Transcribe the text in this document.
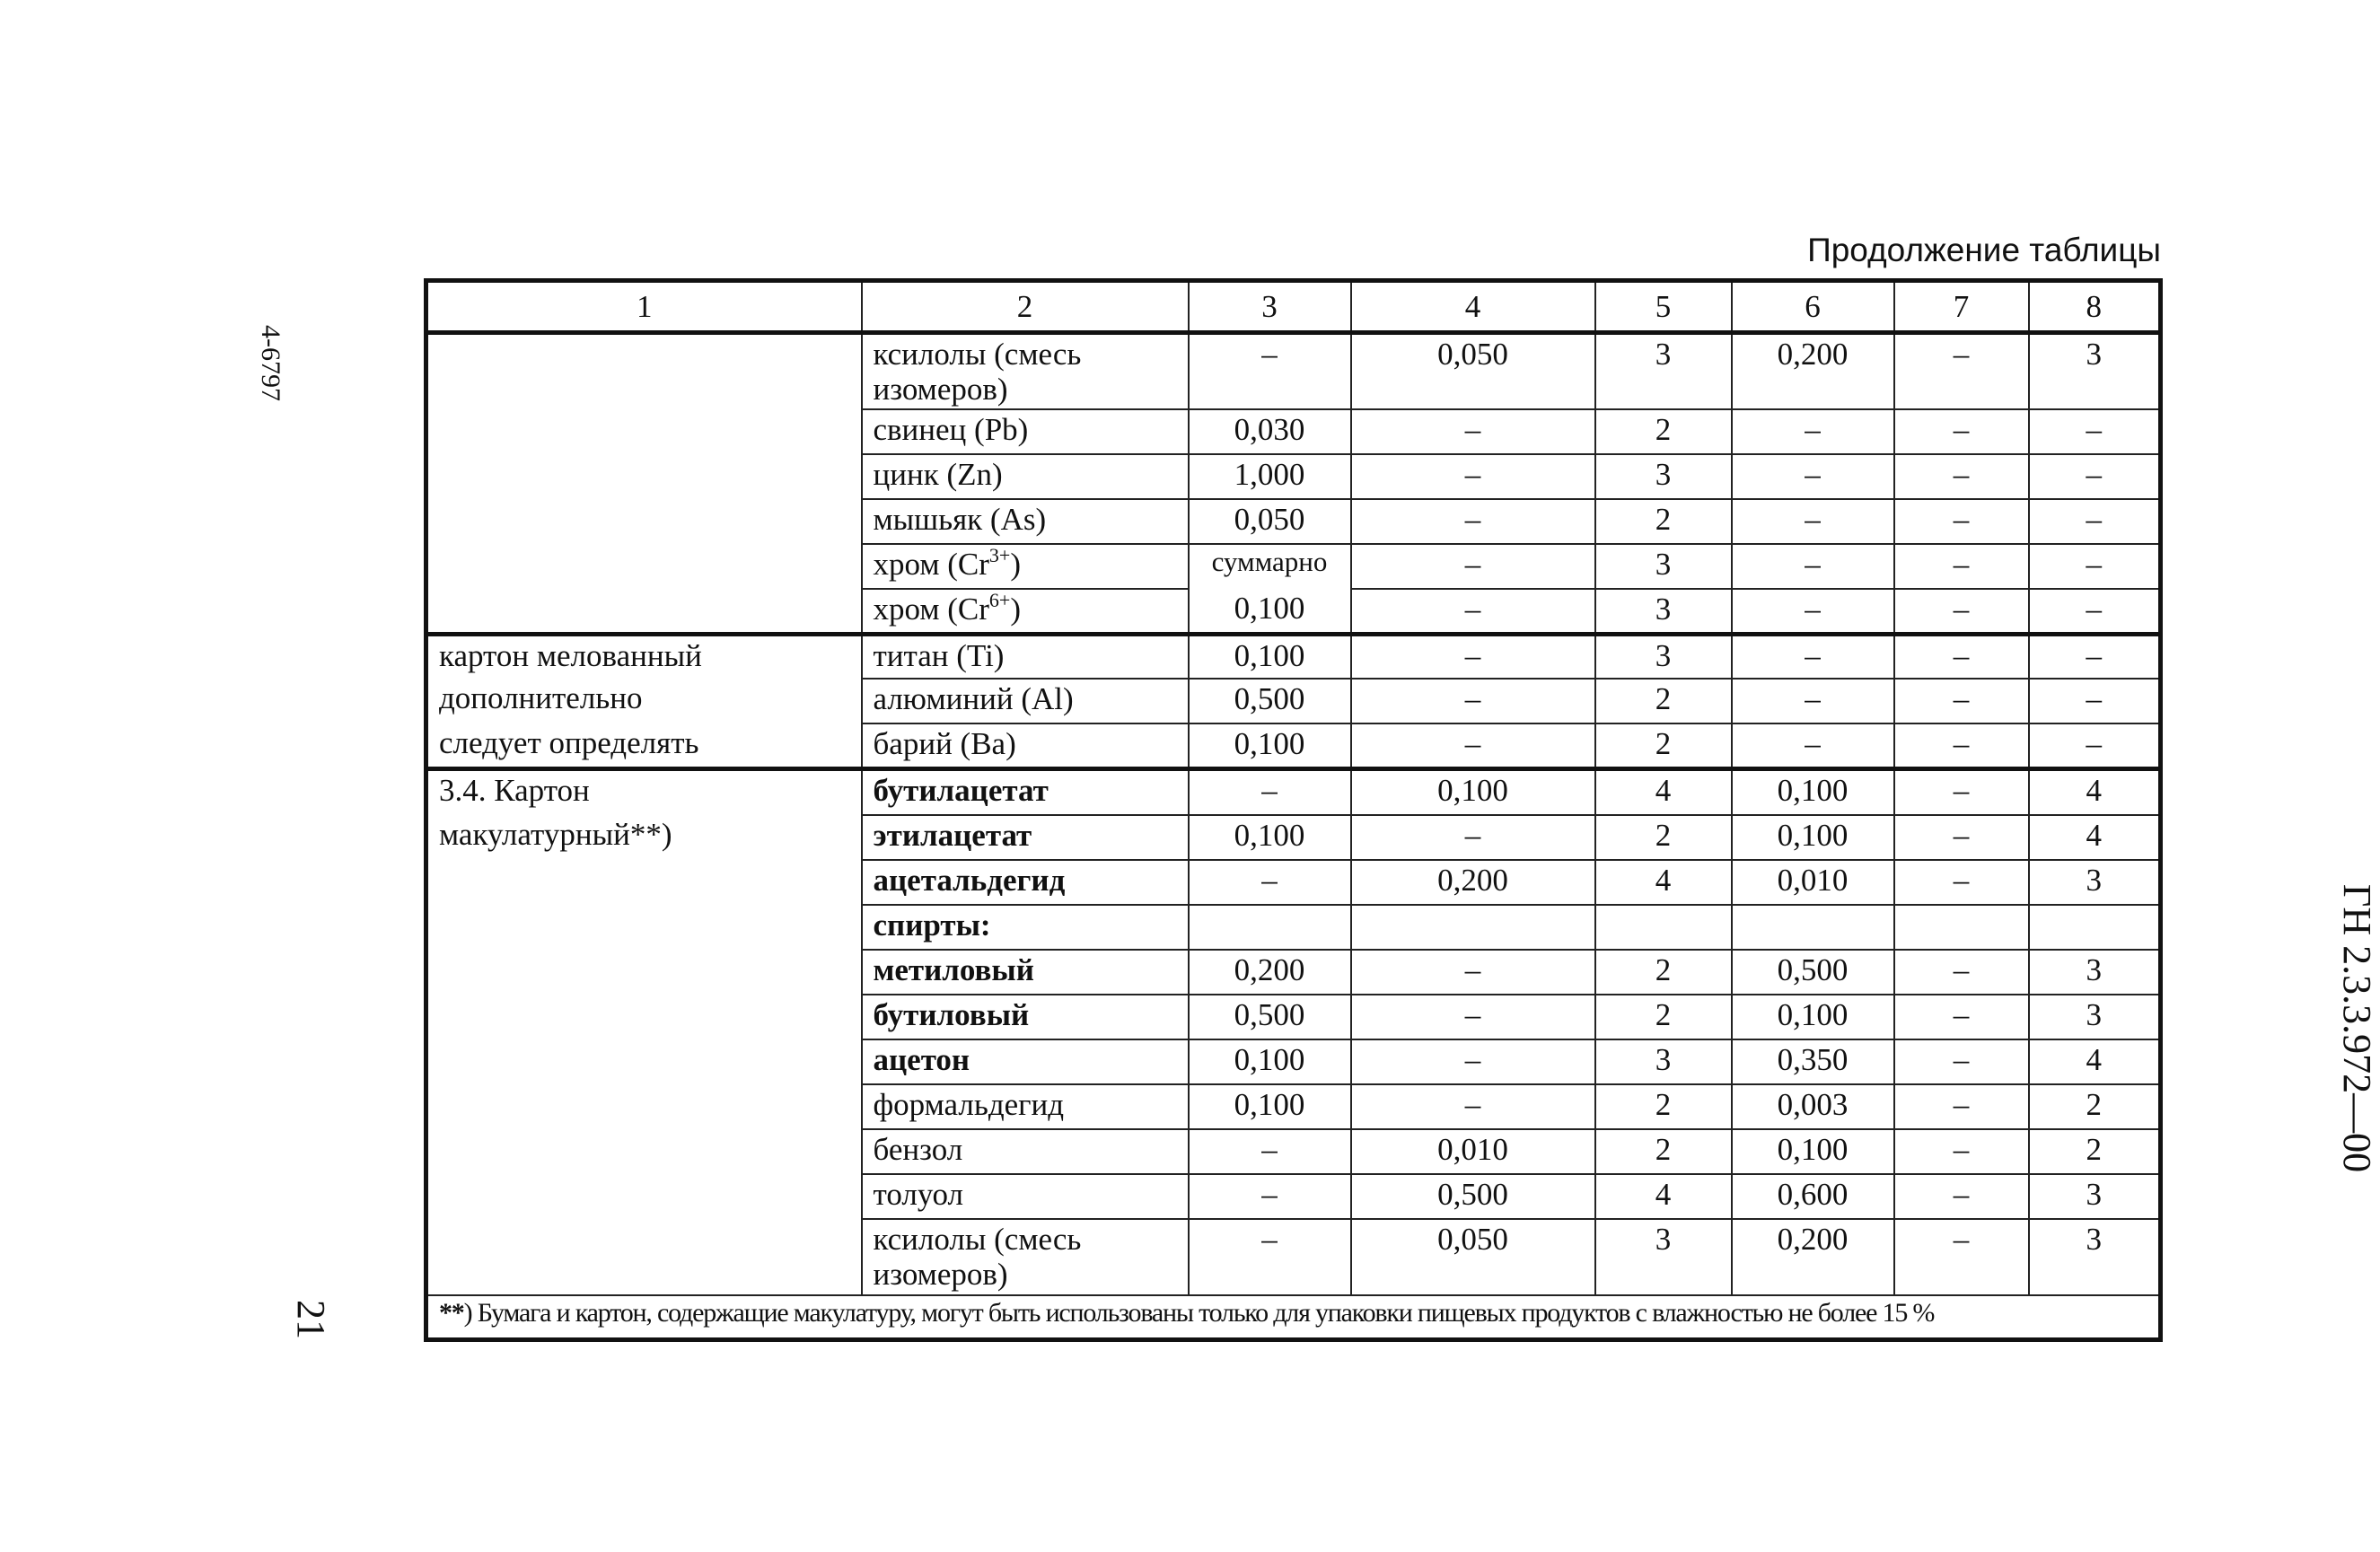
Продолжение таблицы
4-6797
21
ГН 2.3.3.972—00
1	2	3	4	5	6	7	8
	ксилолы (смесь изомеров)	–	0,050	3	0,200	–	3
	свинец (Pb)	0,030	–	2	–	–	–
	цинк (Zn)	1,000	–	3	–	–	–
	мышьяк (As)	0,050	–	2	–	–	–
	хром $(Cr^{3+})$	суммарно	–	3	–	–	–
	хром $(Cr^{6+})$	0,100	–	3	–	–	–
картон мелованный	титан (Ti)	0,100	–	3	–	–	–
дополнительно	алюминий (Al)	0,500	–	2	–	–	–
следует определять	барий (Ba)	0,100	–	2	–	–	–
3.4. Картон	бутилацетат	–	0,100	4	0,100	–	4
макулатурный**)	этилацетат	0,100	–	2	0,100	–	4
	ацетальдегид	–	0,200	4	0,010	–	3
	спирты:						
	метиловый	0,200	–	2	0,500	–	3
	бутиловый	0,500	–	2	0,100	–	3
	ацетон	0,100	–	3	0,350	–	4
	формальдегид	0,100	–	2	0,003	–	2
	бензол	–	0,010	2	0,100	–	2
	толуол	–	0,500	4	0,600	–	3
	ксилолы (смесь изомеров)	–	0,050	3	0,200	–	3
**) Бумага и картон, содержащие макулатуру, могут быть использованы только для упаковки пищевых продуктов с влажностью не более 15 %							
